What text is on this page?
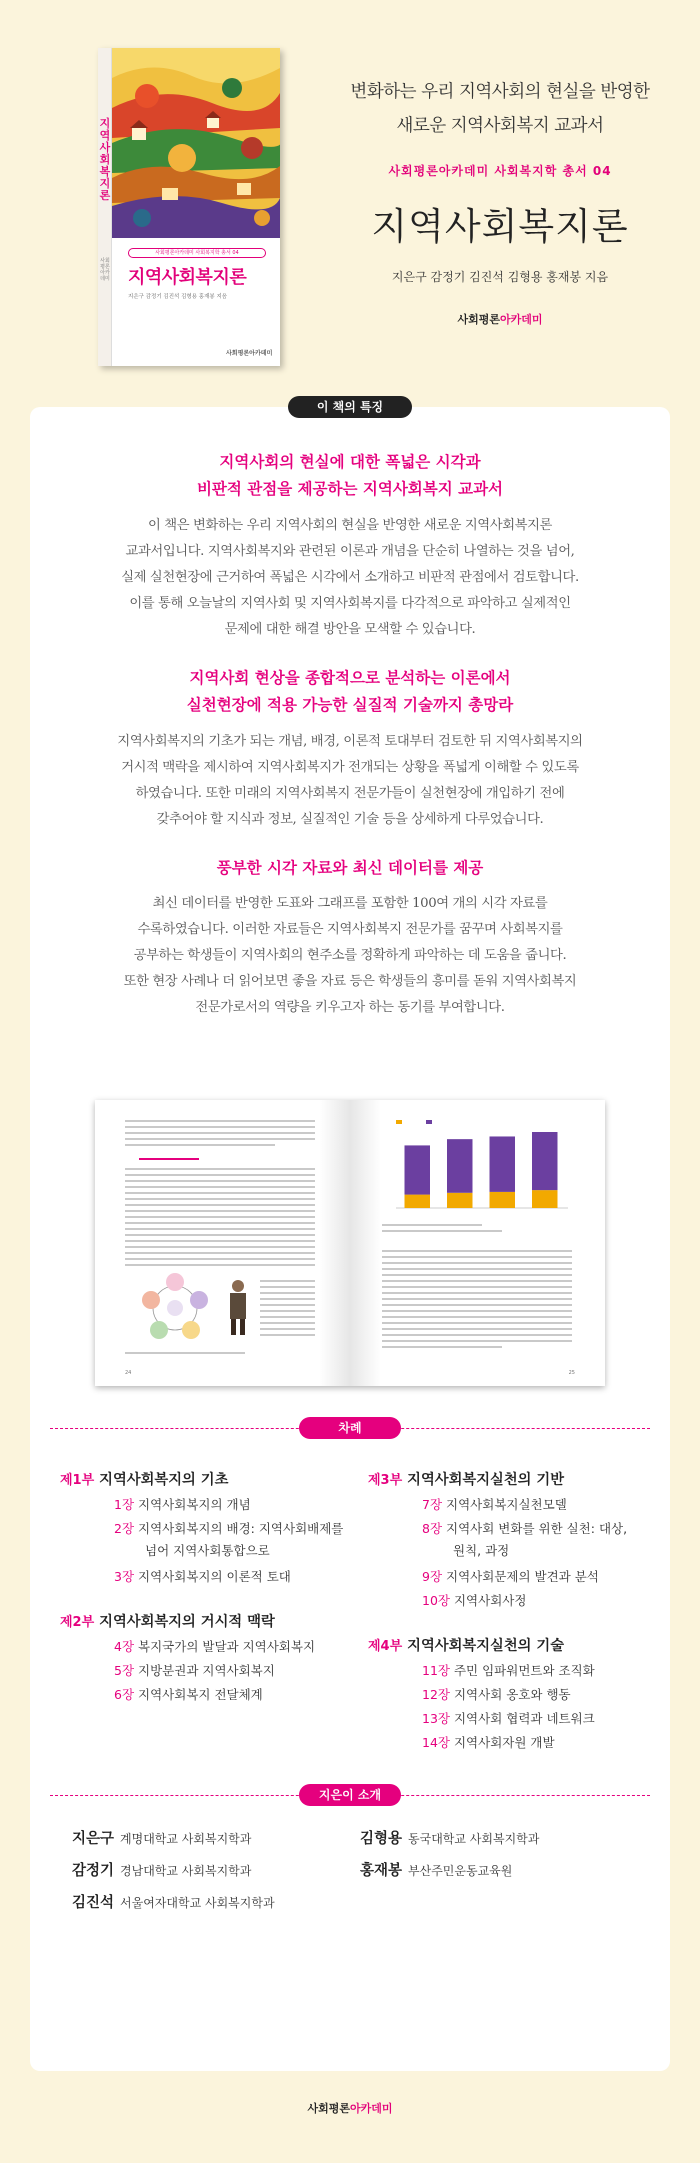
지역사회복지론
사회평론아카데미
사회평론아카데미 사회복지학 총서 04
지역사회복지론
지은구 감정기 김진석 김형용 홍재봉 지음
사회평론아카데미
변화하는 우리 지역사회의 현실을 반영한
새로운 지역사회복지 교과서
사회평론아카데미 사회복지학 총서 04
지역사회복지론
지은구 감정기 김진석 김형용 홍재봉 지음
사회평론아카데미
이 책의 특징
지역사회의 현실에 대한 폭넓은 시각과
비판적 관점을 제공하는 지역사회복지 교과서
이 책은 변화하는 우리 지역사회의 현실을 반영한 새로운 지역사회복지론
교과서입니다. 지역사회복지와 관련된 이론과 개념을 단순히 나열하는 것을 넘어,
실제 실천현장에 근거하여 폭넓은 시각에서 소개하고 비판적 관점에서 검토합니다.
이를 통해 오늘날의 지역사회 및 지역사회복지를 다각적으로 파악하고 실제적인
문제에 대한 해결 방안을 모색할 수 있습니다.
지역사회 현상을 종합적으로 분석하는 이론에서
실천현장에 적용 가능한 실질적 기술까지 총망라
지역사회복지의 기초가 되는 개념, 배경, 이론적 토대부터 검토한 뒤 지역사회복지의
거시적 맥락을 제시하여 지역사회복지가 전개되는 상황을 폭넓게 이해할 수 있도록
하였습니다. 또한 미래의 지역사회복지 전문가들이 실천현장에 개입하기 전에
갖추어야 할 지식과 정보, 실질적인 기술 등을 상세하게 다루었습니다.
풍부한 시각 자료와 최신 데이터를 제공
최신 데이터를 반영한 도표와 그래프를 포함한 100여 개의 시각 자료를
수록하였습니다. 이러한 자료들은 지역사회복지 전문가를 꿈꾸며 사회복지를
공부하는 학생들이 지역사회의 현주소를 정확하게 파악하는 데 도움을 줍니다.
또한 현장 사례나 더 읽어보면 좋을 자료 등은 학생들의 흥미를 돋워 지역사회복지
전문가로서의 역량을 키우고자 하는 동기를 부여합니다.
24	25
차례
제1부 지역사회복지의 기초
1장 지역사회복지의 개념
2장 지역사회복지의 배경: 지역사회배제를
넘어 지역사회통합으로
3장 지역사회복지의 이론적 토대
제2부 지역사회복지의 거시적 맥락
4장 복지국가의 발달과 지역사회복지
5장 지방분권과 지역사회복지
6장 지역사회복지 전달체계
제3부 지역사회복지실천의 기반
7장 지역사회복지실천모델
8장 지역사회 변화를 위한 실천: 대상,
원칙, 과정
9장 지역사회문제의 발견과 분석
10장 지역사회사정
제4부 지역사회복지실천의 기술
11장 주민 임파워먼트와 조직화
12장 지역사회 옹호와 행동
13장 지역사회 협력과 네트워크
14장 지역사회자원 개발
지은이 소개
지은구 계명대학교 사회복지학과
감정기 경남대학교 사회복지학과
김진석 서울여자대학교 사회복지학과
김형용 동국대학교 사회복지학과
홍재봉 부산주민운동교육원
사회평론아카데미
